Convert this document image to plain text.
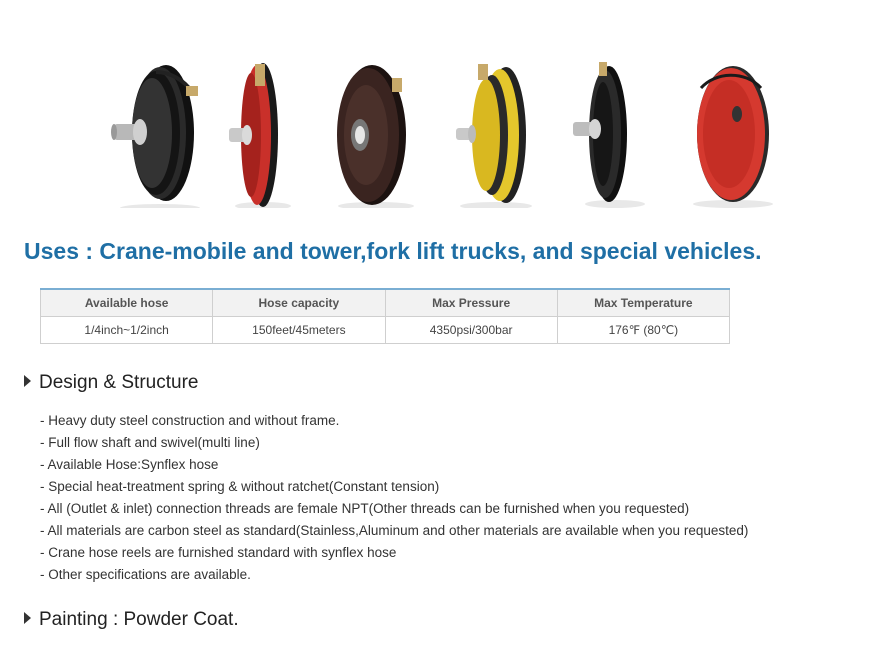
Uses : Crane-mobile and tower,fork lift trucks, and special vehicles.
Available hose	Hose capacity	Max Pressure	Max Temperature
1/4inch~1/2inch	150feet/45meters	4350psi/300bar	176℉ (80℃)
Design & Structure
- Heavy duty steel construction and without frame.
- Full flow shaft and swivel(multi line)
- Available Hose:Synflex hose
- Special heat-treatment spring & without ratchet(Constant tension)
- All (Outlet & inlet) connection threads are female NPT(Other threads can be furnished when you requested)
- All materials are carbon steel as standard(Stainless,Aluminum and other materials are available when you requested)
- Crane hose reels are furnished standard with synflex hose
- Other specifications are available.
Painting : Powder Coat.
